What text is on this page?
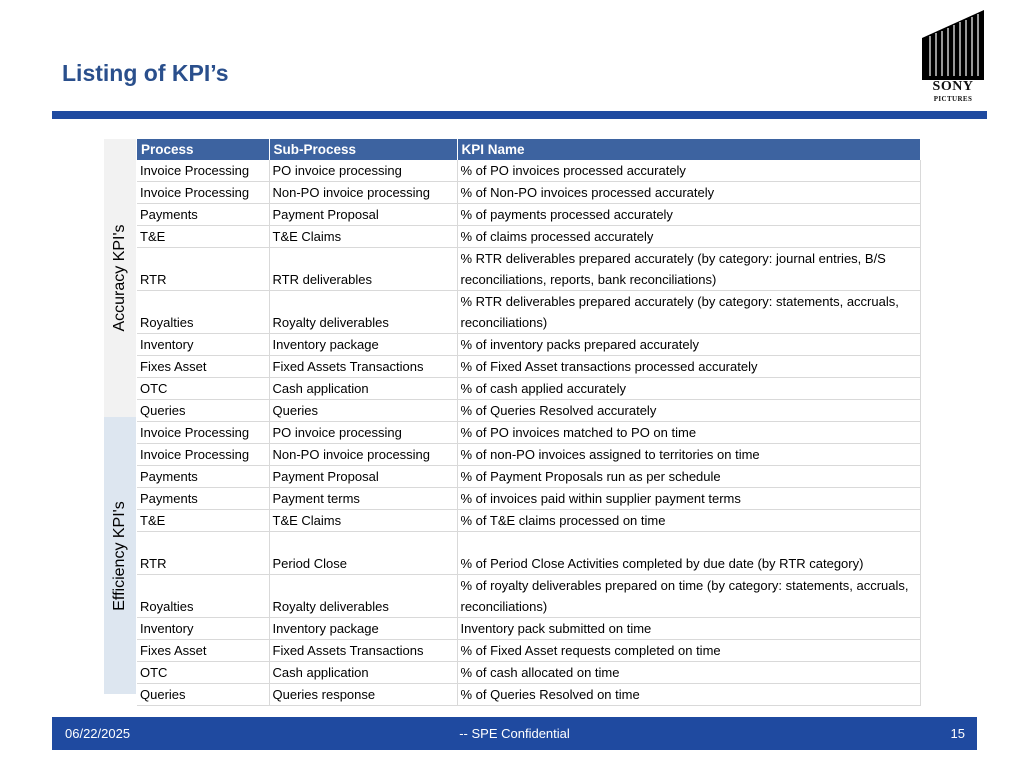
Listing of KPI’s
SONY
PICTURES
Accuracy KPI's
Efficiency KPI's
Process	Sub-Process	KPI Name
Invoice Processing	PO invoice processing	% of PO invoices processed accurately
Invoice Processing	Non-PO invoice processing	% of Non-PO invoices processed accurately
Payments	Payment Proposal	% of payments processed accurately
T&E	T&E Claims	% of claims processed accurately
RTR	RTR deliverables	% RTR deliverables prepared accurately (by category: journal entries, B/S reconciliations, reports, bank reconciliations)
Royalties	Royalty deliverables	% RTR deliverables prepared accurately (by category: statements, accruals, reconciliations)
Inventory	Inventory package	% of inventory packs prepared accurately
Fixes Asset	Fixed Assets Transactions	% of Fixed Asset transactions processed accurately
OTC	Cash application	% of cash applied accurately
Queries	Queries	% of Queries Resolved accurately
Invoice Processing	PO invoice processing	% of PO invoices matched to PO on time
Invoice Processing	Non-PO invoice processing	% of non-PO invoices assigned to territories on time
Payments	Payment Proposal	% of Payment Proposals run as per schedule
Payments	Payment terms	% of invoices paid within supplier payment terms
T&E	T&E Claims	% of T&E claims processed on time
RTR	Period Close	% of Period Close Activities completed by due date (by RTR category)
Royalties	Royalty deliverables	% of royalty deliverables prepared on time (by category: statements, accruals, reconciliations)
Inventory	Inventory package	Inventory pack submitted on time
Fixes Asset	Fixed Assets Transactions	% of Fixed Asset requests completed on time
OTC	Cash application	% of cash allocated on time
Queries	Queries response	% of Queries Resolved on time
06/22/2025	-- SPE Confidential	15
